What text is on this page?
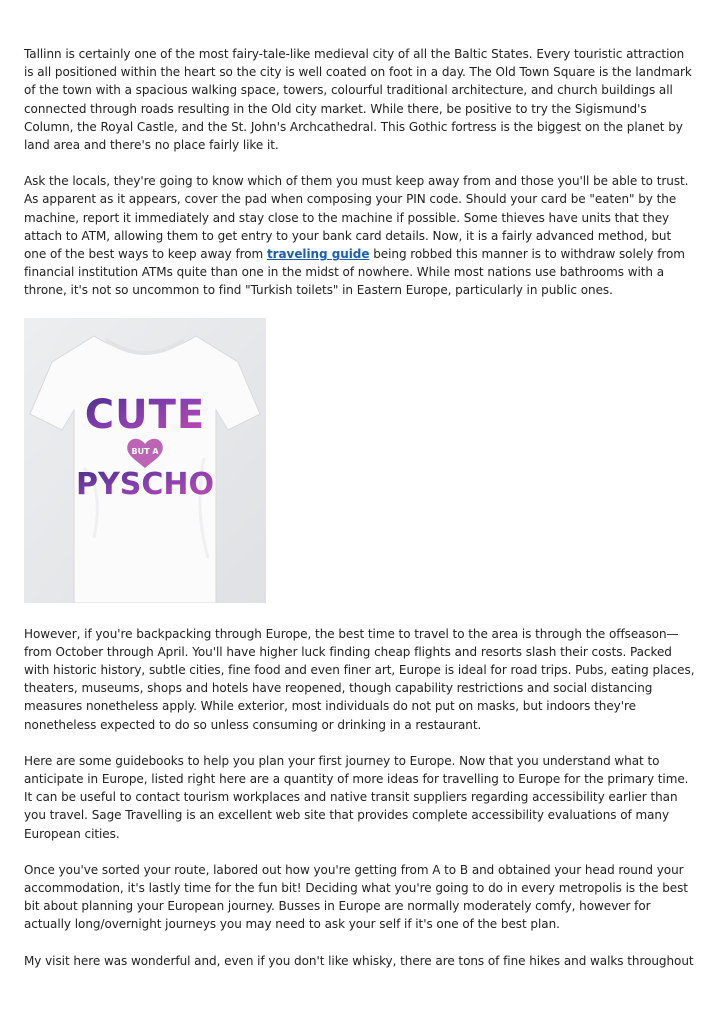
Tallinn is certainly one of the most fairy-tale-like medieval city of all the Baltic States. Every touristic attraction is all positioned within the heart so the city is well coated on foot in a day. The Old Town Square is the landmark of the town with a spacious walking space, towers, colourful traditional architecture, and church buildings all connected through roads resulting in the Old city market. While there, be positive to try the Sigismund's Column, the Royal Castle, and the St. John's Archcathedral. This Gothic fortress is the biggest on the planet by land area and there's no place fairly like it.

Ask the locals, they're going to know which of them you must keep away from and those you'll be able to trust. As apparent as it appears, cover the pad when composing your PIN code. Should your card be "eaten" by the machine, report it immediately and stay close to the machine if possible. Some thieves have units that they attach to ATM, allowing them to get entry to your bank card details. Now, it is a fairly advanced method, but one of the best ways to keep away from traveling guide being robbed this manner is to withdraw solely from financial institution ATMs quite than one in the midst of nowhere. While most nations use bathrooms with a throne, it's not so uncommon to find "Turkish toilets" in Eastern Europe, particularly in public ones.

CUTE
BUT A
PYSCHO

However, if you're backpacking through Europe, the best time to travel to the area is through the offseason—from October through April. You'll have higher luck finding cheap flights and resorts slash their costs. Packed with historic history, subtle cities, fine food and even finer art, Europe is ideal for road trips. Pubs, eating places, theaters, museums, shops and hotels have reopened, though capability restrictions and social distancing measures nonetheless apply. While exterior, most individuals do not put on masks, but indoors they're nonetheless expected to do so unless consuming or drinking in a restaurant.

Here are some guidebooks to help you plan your first journey to Europe. Now that you understand what to anticipate in Europe, listed right here are a quantity of more ideas for travelling to Europe for the primary time. It can be useful to contact tourism workplaces and native transit suppliers regarding accessibility earlier than you travel. Sage Travelling is an excellent web site that provides complete accessibility evaluations of many European cities.

Once you've sorted your route, labored out how you're getting from A to B and obtained your head round your accommodation, it's lastly time for the fun bit! Deciding what you're going to do in every metropolis is the best bit about planning your European journey. Busses in Europe are normally moderately comfy, however for actually long/overnight journeys you may need to ask your self if it's one of the best plan.

My visit here was wonderful and, even if you don't like whisky, there are tons of fine hikes and walks throughout
